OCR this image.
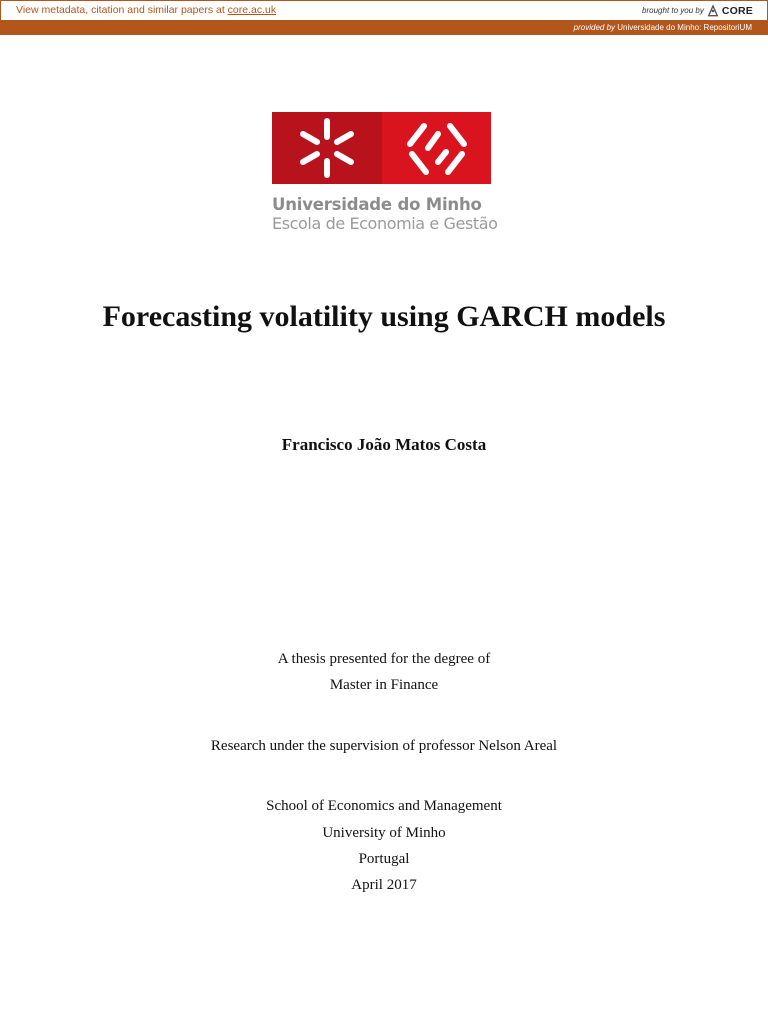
View metadata, citation and similar papers at core.ac.uk	brought to you by CORE
provided by Universidade do Minho: RepositoriUM
Universidade do Minho
Escola de Economia e Gestão
Forecasting volatility using GARCH models

Francisco João Matos Costa

A thesis presented for the degree of

Master in Finance

Research under the supervision of professor Nelson Areal

School of Economics and Management

University of Minho

Portugal

April 2017
